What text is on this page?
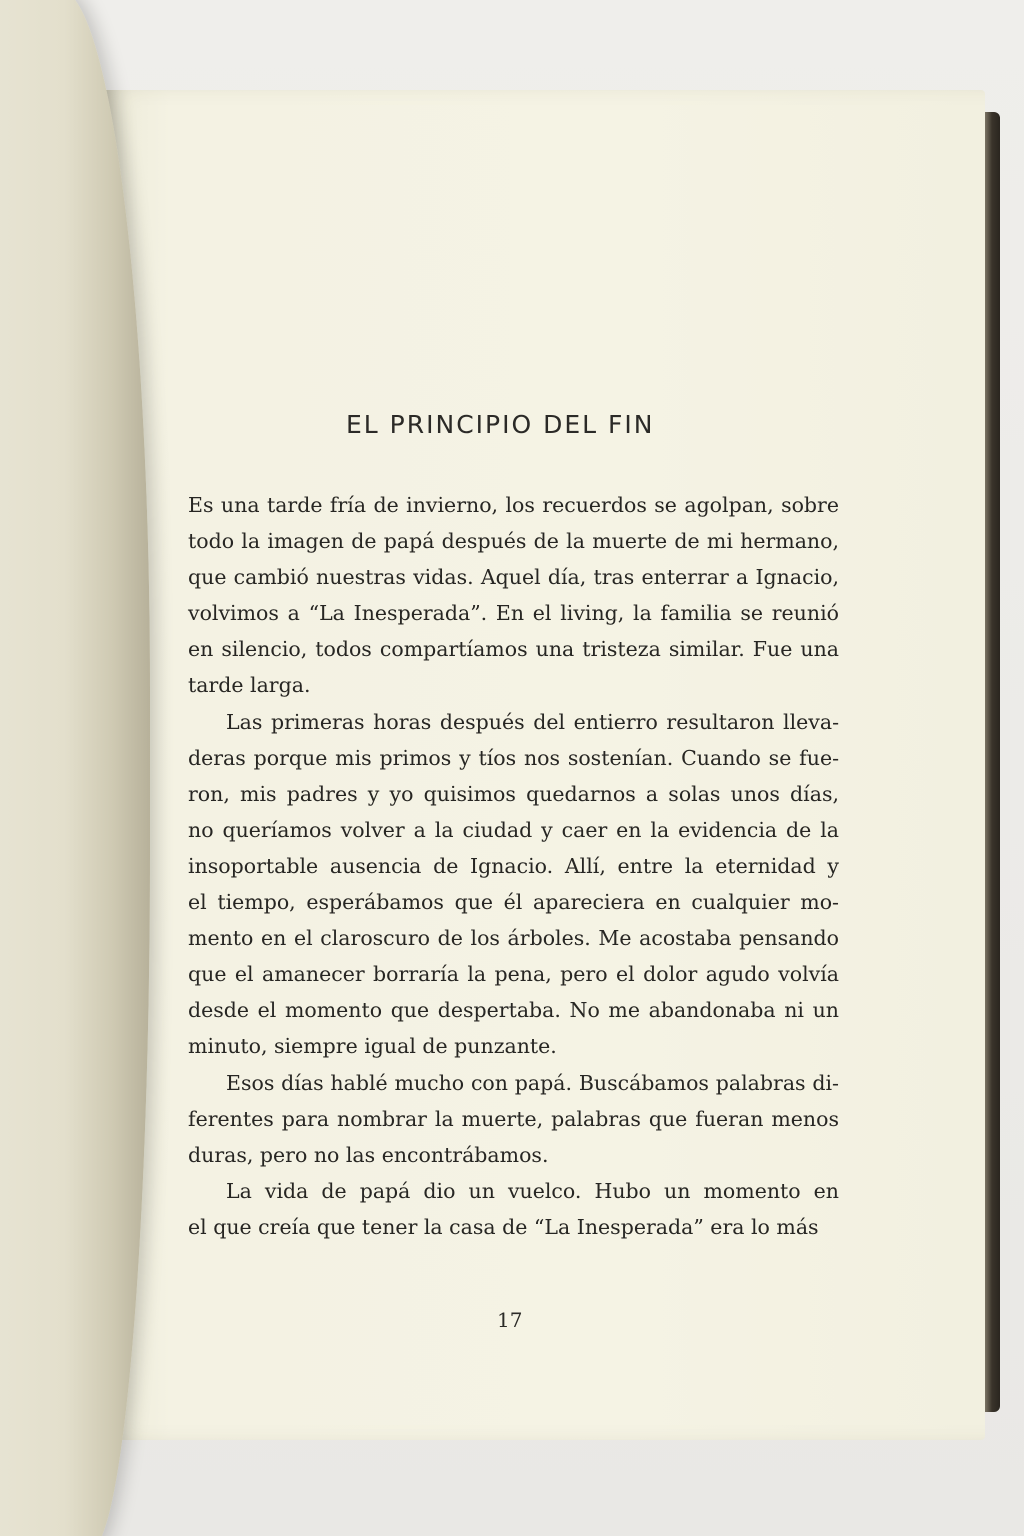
EL PRINCIPIO DEL FIN
Es una tarde fría de invierno, los recuerdos se agolpan, sobre
todo la imagen de papá después de la muerte de mi hermano,
que cambió nuestras vidas. Aquel día, tras enterrar a Ignacio,
volvimos a “La Inesperada”. En el living, la familia se reunió
en silencio, todos compartíamos una tristeza similar. Fue una
tarde larga.
Las primeras horas después del entierro resultaron lleva-
deras porque mis primos y tíos nos sostenían. Cuando se fue-
ron, mis padres y yo quisimos quedarnos a solas unos días,
no queríamos volver a la ciudad y caer en la evidencia de la
insoportable ausencia de Ignacio. Allí, entre la eternidad y
el tiempo, esperábamos que él apareciera en cualquier mo-
mento en el claroscuro de los árboles. Me acostaba pensando
que el amanecer borraría la pena, pero el dolor agudo volvía
desde el momento que despertaba. No me abandonaba ni un
minuto, siempre igual de punzante.
Esos días hablé mucho con papá. Buscábamos palabras di-
ferentes para nombrar la muerte, palabras que fueran menos
duras, pero no las encontrábamos.
La vida de papá dio un vuelco. Hubo un momento en
el que creía que tener la casa de “La Inesperada” era lo más
17
